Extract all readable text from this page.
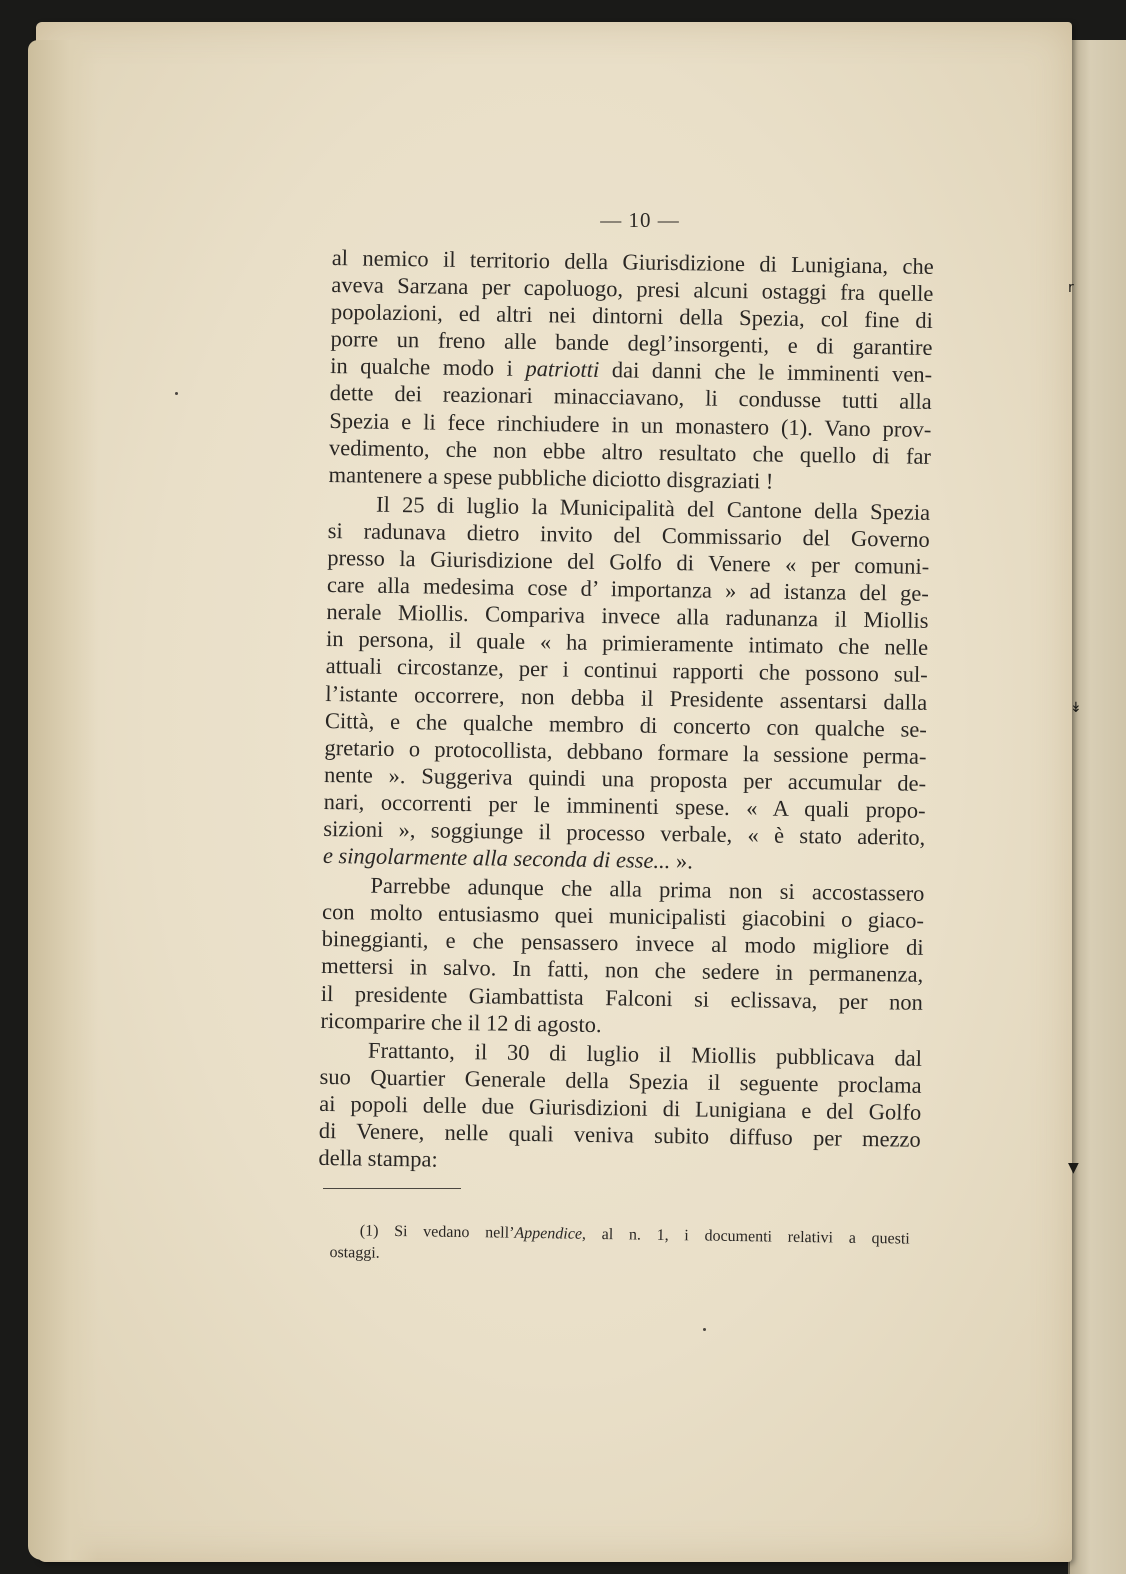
r
↡
▼
— 10 —
al nemico il territorio della Giurisdizione di Lunigiana, che
aveva Sarzana per capoluogo, presi alcuni ostaggi fra quelle
popolazioni, ed altri nei dintorni della Spezia, col fine di
porre un freno alle bande degl’insorgenti, e di garantire
in qualche modo i patriotti dai danni che le imminenti ven-
dette dei reazionari minacciavano, li condusse tutti alla
Spezia e li fece rinchiudere in un monastero (1). Vano prov-
vedimento, che non ebbe altro resultato che quello di far
mantenere a spese pubbliche diciotto disgraziati !
Il 25 di luglio la Municipalità del Cantone della Spezia
si radunava dietro invito del Commissario del Governo
presso la Giurisdizione del Golfo di Venere « per comuni-
care alla medesima cose d’ importanza » ad istanza del ge-
nerale Miollis. Compariva invece alla radunanza il Miollis
in persona, il quale « ha primieramente intimato che nelle
attuali circostanze, per i continui rapporti che possono sul-
l’istante occorrere, non debba il Presidente assentarsi dalla
Città, e che qualche membro di concerto con qualche se-
gretario o protocollista, debbano formare la sessione perma-
nente ». Suggeriva quindi una proposta per accumular de-
nari, occorrenti per le imminenti spese. « A quali propo-
sizioni », soggiunge il processo verbale, « è stato aderito,
e singolarmente alla seconda di esse... ».
Parrebbe adunque che alla prima non si accostassero
con molto entusiasmo quei municipalisti giacobini o giaco-
bineggianti, e che pensassero invece al modo migliore di
mettersi in salvo. In fatti, non che sedere in permanenza,
il presidente Giambattista Falconi si eclissava, per non
ricomparire che il 12 di agosto.
Frattanto, il 30 di luglio il Miollis pubblicava dal
suo Quartier Generale della Spezia il seguente proclama
ai popoli delle due Giurisdizioni di Lunigiana e del Golfo
di Venere, nelle quali veniva subito diffuso per mezzo
della stampa:
(1) Si vedano nell’Appendice, al n. 1, i documenti relativi a questi
ostaggi.
